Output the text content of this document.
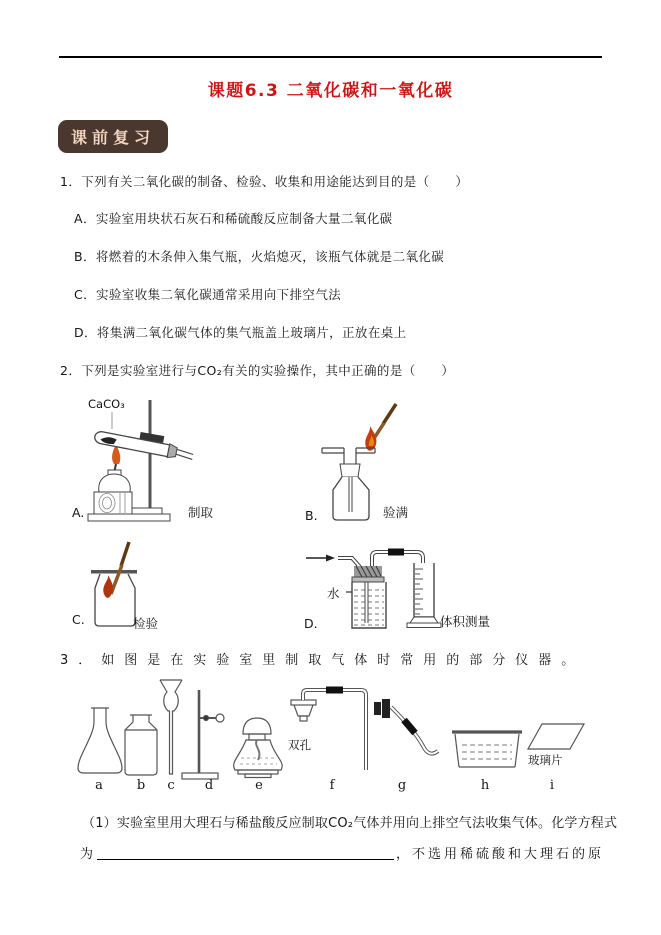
课题6.3 二氧化碳和一氧化碳
课前复习
1．下列有关二氧化碳的制备、检验、收集和用途能达到目的是（　　）
A．实验室用块状石灰石和稀硫酸反应制备大量二氧化碳
B．将燃着的木条伸入集气瓶，火焰熄灭，该瓶气体就是二氧化碳
C．实验室收集二氧化碳通常采用向下排空气法
D．将集满二氧化碳气体的集气瓶盖上玻璃片，正放在桌上
2．下列是实验室进行与CO₂有关的实验操作，其中正确的是（　　）
CaCO₃
A.	制取	B.	验满
C.	检验
水
D.	体积测量
3．如图是在实验室里制取气体时常用的部分仪器。
a	b	c	d	e	f	g	h	i
双孔
玻璃片
（1）实验室里用大理石与稀盐酸反应制取CO₂气体并用向上排空气法收集气体。化学方程式
为	，不选用稀硫酸和大理石的原
